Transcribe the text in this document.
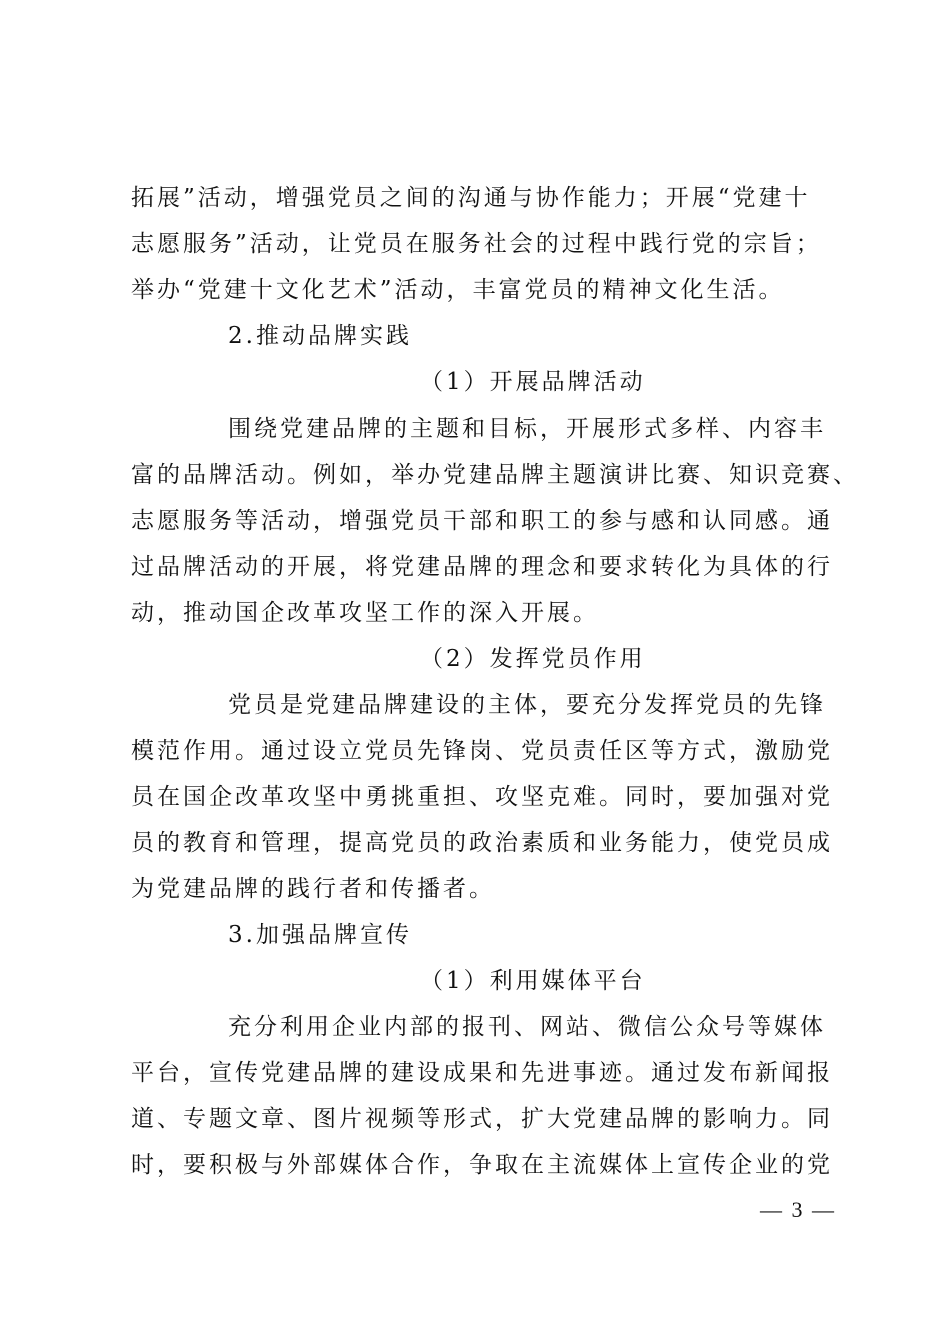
拓展”活动，增强党员之间的沟通与协作能力；开展“党建十
志愿服务”活动，让党员在服务社会的过程中践行党的宗旨；
举办“党建十文化艺术”活动，丰富党员的精神文化生活。
2.推动品牌实践
（1）开展品牌活动
围绕党建品牌的主题和目标，开展形式多样、内容丰
富的品牌活动。例如，举办党建品牌主题演讲比赛、知识竞赛、
志愿服务等活动，增强党员干部和职工的参与感和认同感。通
过品牌活动的开展，将党建品牌的理念和要求转化为具体的行
动，推动国企改革攻坚工作的深入开展。
（2）发挥党员作用
党员是党建品牌建设的主体，要充分发挥党员的先锋
模范作用。通过设立党员先锋岗、党员责任区等方式，激励党
员在国企改革攻坚中勇挑重担、攻坚克难。同时，要加强对党
员的教育和管理，提高党员的政治素质和业务能力，使党员成
为党建品牌的践行者和传播者。
3.加强品牌宣传
（1）利用媒体平台
充分利用企业内部的报刊、网站、微信公众号等媒体
平台，宣传党建品牌的建设成果和先进事迹。通过发布新闻报
道、专题文章、图片视频等形式，扩大党建品牌的影响力。同
时，要积极与外部媒体合作，争取在主流媒体上宣传企业的党
— 3 —
